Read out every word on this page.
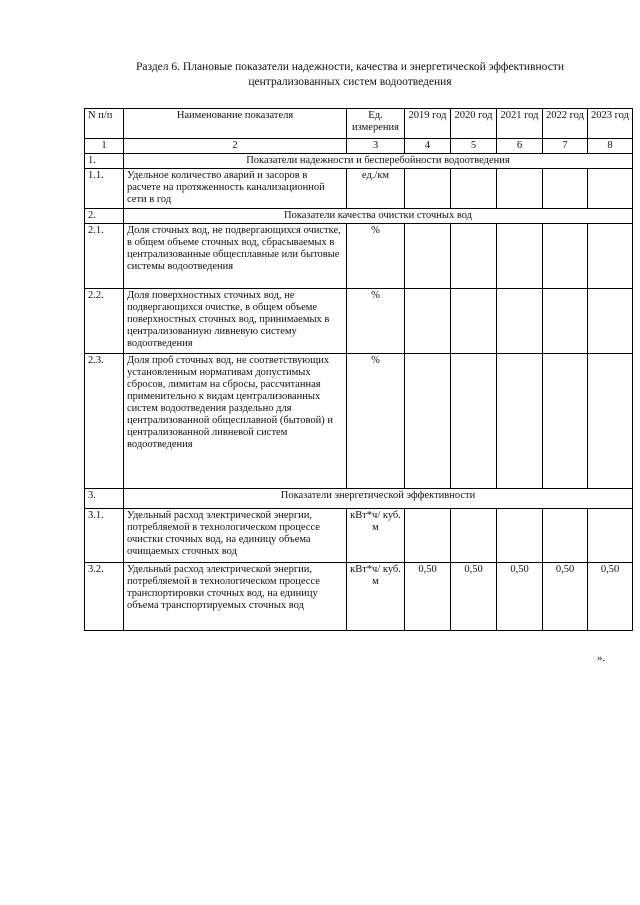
Раздел 6. Плановые показатели надежности, качества и энергетической эффективности
централизованных систем водоотведения
N п/п	Наименование показателя	Ед. измерения	2019 год	2020 год	2021 год	2022 год	2023 год
1	2	3	4	5	6	7	8
1.	Показатели надежности и бесперебойности водоотведения						
1.1.	Удельное количество аварий и засоров в расчете на протяженность канализационной сети в год	ед./км					
2.	Показатели качества очистки сточных вод						
2.1.	Доля сточных вод, не подвергающихся очистке, в общем объеме сточных вод, сбрасываемых в централизованные общесплавные или бытовые системы водоотведения	%					
2.2.	Доля поверхностных сточных вод, не подвергающихся очистке, в общем объеме поверхностных сточных вод, принимаемых в централизованную ливневую систему водоотведения	%					
2.3.	Доля проб сточных вод, не соответствующих установленным нормативам допустимых сбросов, лимитам на сбросы, рассчитанная применительно к видам централизованных систем водоотведения раздельно для централизованной общесплавной (бытовой) и централизованной ливневой систем водоотведения	%					
3.	Показатели энергетической эффективности						
3.1.	Удельный расход электрической энергии, потребляемой в технологическом процессе очистки сточных вод, на единицу объема очищаемых сточных вод	кВт*ч/ куб. м					
3.2.	Удельный расход электрической энергии, потребляемой в технологическом процессе транспортировки сточных вод, на единицу объема транспортируемых сточных вод	кВт*ч/ куб. м	0,50	0,50	0,50	0,50	0,50
».
